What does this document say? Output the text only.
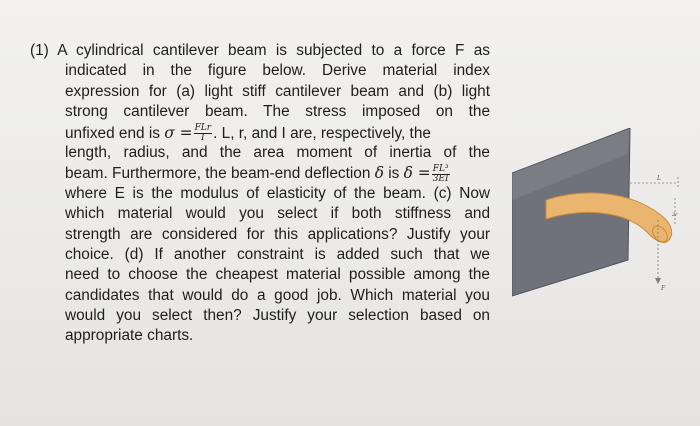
(1) A cylindrical cantilever beam is subjected to a force F as
indicated in the figure below. Derive material index
expression for (a) light stiff cantilever beam and (b) light
strong cantilever beam. The stress imposed on the
unfixed end is $\sigma = \frac{\text{FLr}}{I}$ . L, r, and I are, respectively, the
length, radius, and the area moment of inertia of the
beam. Furthermore, the beam-end deflection δ is $\delta = \frac{\text{FL³}}{3EI}$
where E is the modulus of elasticity of the beam. (c) Now
which material would you select if both stiffness and
strength are considered for this applications? Justify your
choice. (d) If another constraint is added such that we
need to choose the cheapest material possible among the
candidates that would do a good job. Which material you
would you select then? Justify your selection based on
appropriate charts.
L
F
2r
